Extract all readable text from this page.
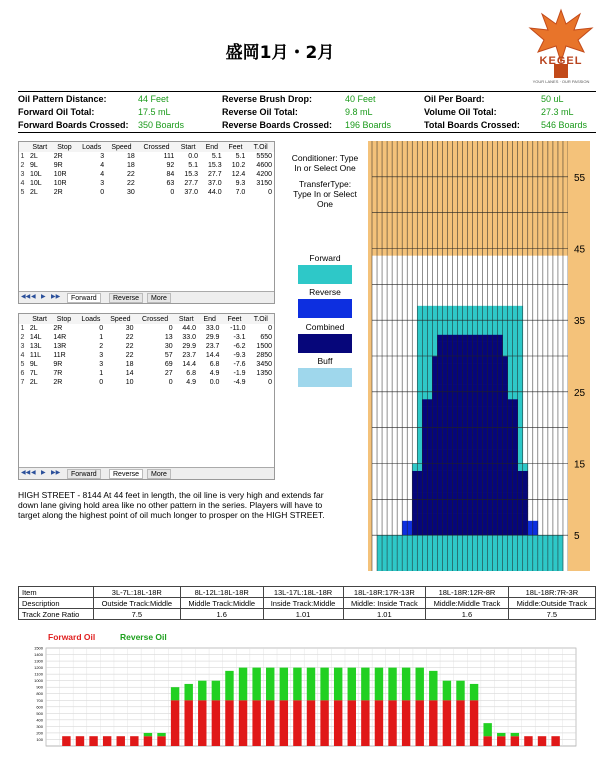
盛岡1月・2月	KEGEL
YOUR LANES · OUR PASSION
Oil Pattern Distance:	44 Feet	Reverse Brush Drop:	40 Feet	Oil Per Board:	50 uL
Forward Oil Total:	17.5 mL	Reverse Oil Total:	9.8 mL	Volume Oil Total:	27.3 mL
Forward Boards Crossed: 350 Boards	Reverse Boards Crossed: 196 Boards	Total Boards Crossed: 546 Boards
	Start	Stop	Loads	Speed	Crossed	Start	End	Feet	T.Oil
1	2L	2R	3	18	111	0.0	5.1	5.1	5550
2	9L	9R	4	18	92	5.1	15.3	10.2	4600
3	10L	10R	4	22	84	15.3	27.7	12.4	4200
4	10L	10R	3	22	63	27.7	37.0	9.3	3150
5	2L	2R	0	30	0	37.0	44.0	7.0	0
◀◀ ◀ ▶ ▶▶	Forward	Reverse	More
	Start	Stop	Loads	Speed	Crossed	Start	End	Feet	T.Oil
1	2L	2R	0	30	0	44.0	33.0	-11.0	0
2	14L	14R	1	22	13	33.0	29.9	-3.1	650
3	13L	13R	2	22	30	29.9	23.7	-6.2	1500
4	11L	11R	3	22	57	23.7	14.4	-9.3	2850
5	9L	9R	3	18	69	14.4	6.8	-7.6	3450
6	7L	7R	1	14	27	6.8	4.9	-1.9	1350
7	2L	2R	0	10	0	4.9	0.0	-4.9	0
◀◀ ◀ ▶ ▶▶	Forward	Reverse	More
Conditioner: Type In or Select One
TransferType: Type In or Select One
Forward
Reverse
Combined
Buff
55
45
35
25
15
5
HIGH STREET - 8144 At 44 feet in length, the oil line is very high and extends far down lane giving hold area like no other pattern in the series. Players will have to target along the highest point of oil much longer to prosper on the HIGH STREET.
Item	3L-7L:18L-18R	8L-12L:18L-18R	13L-17L:18L-18R	18L-18R:17R-13R	18L-18R:12R-8R	18L-18R:7R-3R
Description	Outside Track:Middle	Middle Track:Middle	Inside Track:Middle	Middle: Inside Track	Middle:Middle Track	Middle:Outside Track
Track Zone Ratio	7.5	1.6	1.01	1.01	1.6	7.5
Forward Oil	Reverse Oil
1500
1400
1300
1200
1100
1000
900
800
700
600
500
400
300
200
100
